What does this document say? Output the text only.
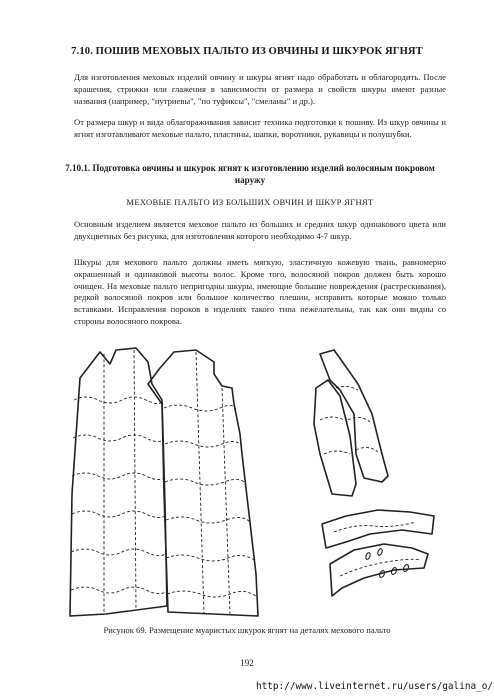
7.10. ПОШИВ МЕХОВЫХ ПАЛЬТО ИЗ ОВЧИНЫ И ШКУРОК ЯГНЯТ
Для изготовления меховых изделий овчину и шкуры ягнят надо обработать и облагородить. После крашения, стрижки или глажения в зависимости от размера и свойств шкуры имеют разные названия (например, "нутриевы", "по туфиксы", "смеланы" и др.).
От размера шкур и вида облагораживания зависит техника подготовки к пошиву. Из шкур овчины и ягнят изготавливают меховые пальто, пластины, шапки, воротники, рукавицы и полушубки.
7.10.1. Подготовка овчины и шкурок ягнят к изготовлению изделий волосяным покровом наружу
МЕХОВЫЕ ПАЛЬТО ИЗ БОЛЬШИХ ОВЧИН И ШКУР ЯГНЯТ
Основным изделием является меховое пальто из больших и средних шкур одинакового цвета или двухцветных без рисунка, для изготовления которого необходимо 4-7 шкур.
Шкуры для мехового пальто должны иметь мягкую, эластичную кожевую ткань, равномерно окрашенный и одинаковой высоты волос. Кроме того, волосяной покров должен быть хорошо очищен. На меховые пальто непригодны шкуры, имеющие большие повреждения (растрескивания), редкой волосяной покров или большое количество плешин, исправить которые можно только вставками. Исправления пороков в изделиях такого типа нежелательны, так как они видны со стороны волосяного покрова.
Рисунок 69. Размещение муаристых шкурок ягнят на деталях мехового пальто
192
http://www.liveinternet.ru/users/galina_o/
